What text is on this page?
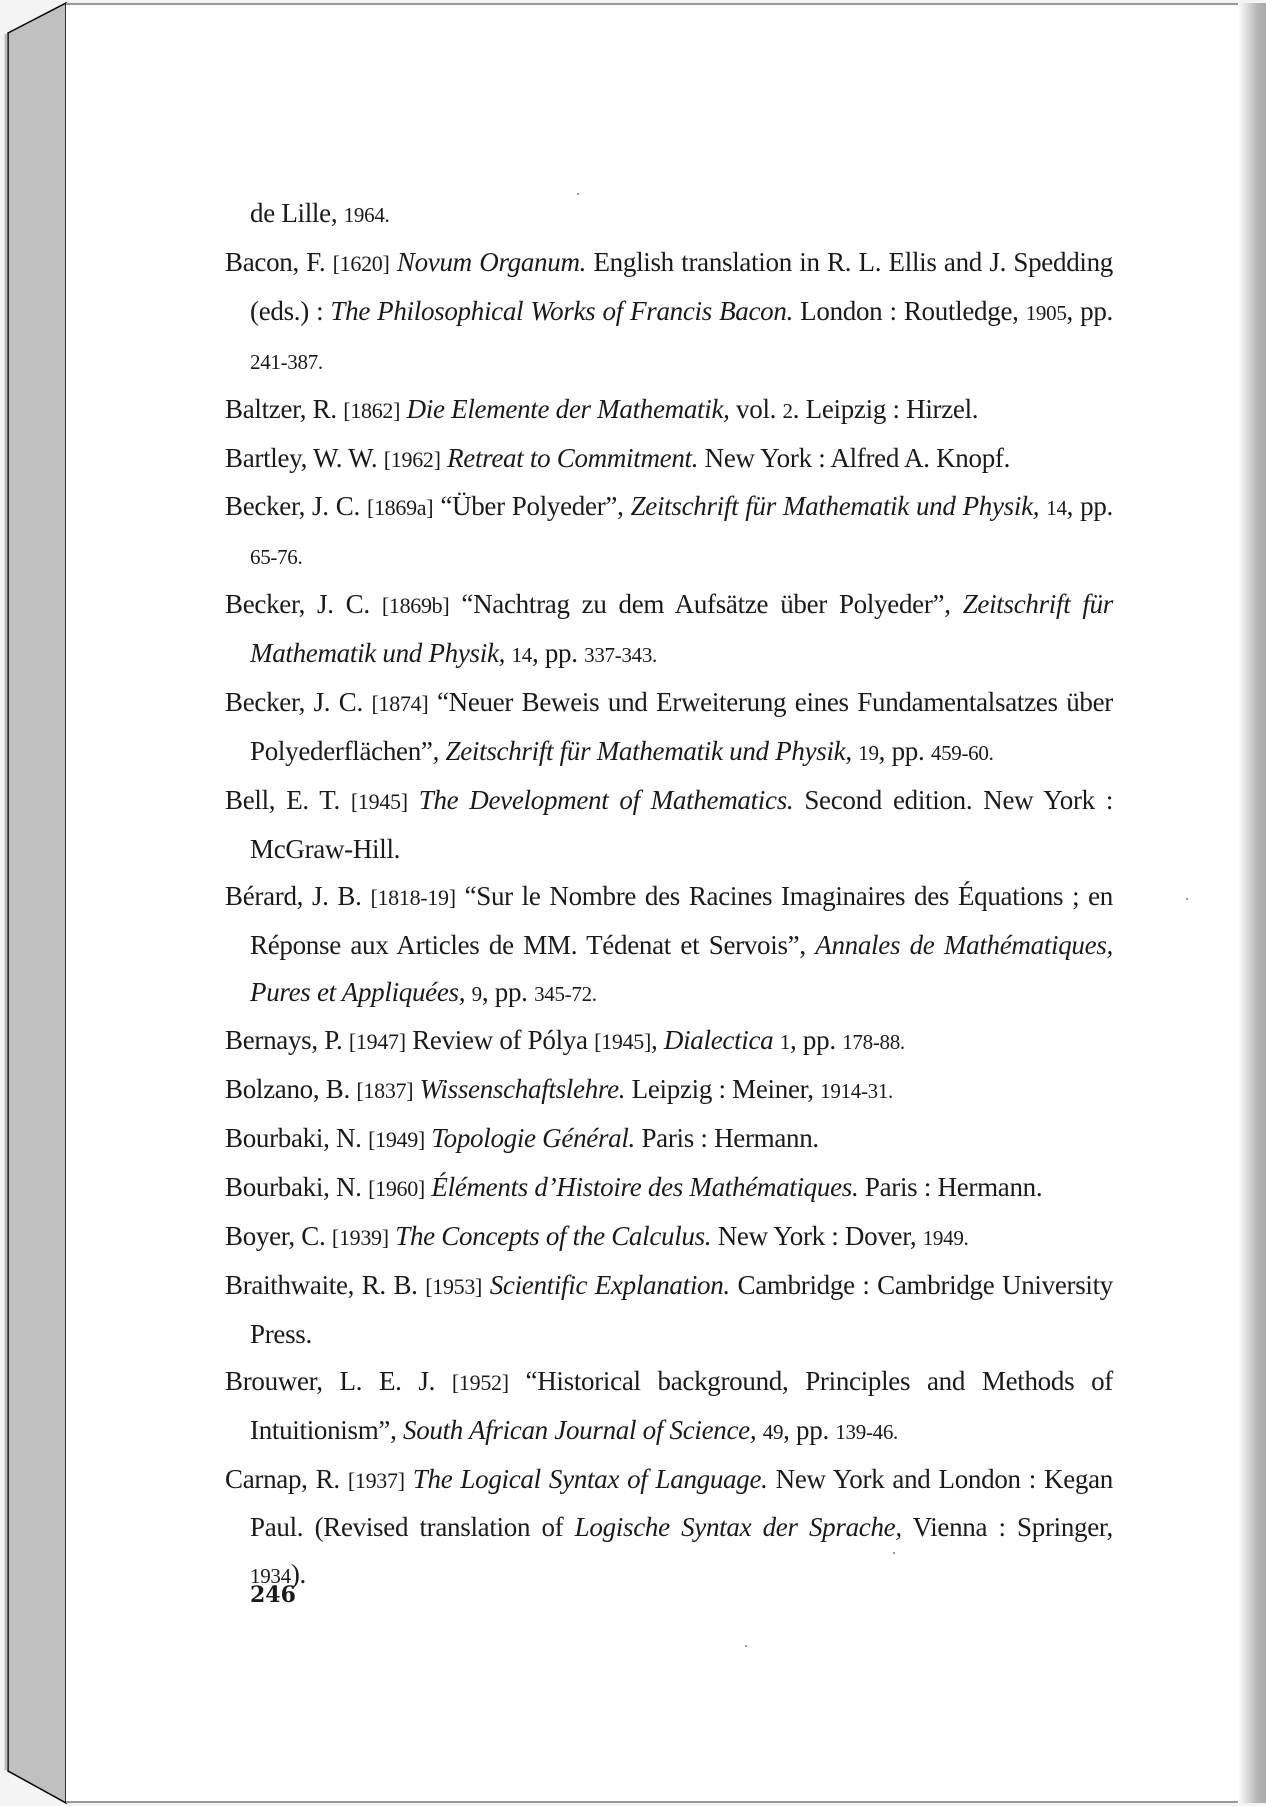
de Lille, 1964.

Bacon, F. [1620] Novum Organum. English translation in R. L. Ellis and J. Spedding (eds.) : The Philosophical Works of Francis Bacon. London : Routledge, 1905, pp. 241-387.

Baltzer, R. [1862] Die Elemente der Mathematik, vol. 2. Leipzig : Hirzel.

Bartley, W. W. [1962] Retreat to Commitment. New York : Alfred A. Knopf.

Becker, J. C. [1869a] “Über Polyeder”, Zeitschrift für Mathematik und Physik, 14, pp. 65-76.

Becker, J. C. [1869b] “Nachtrag zu dem Aufsätze über Polyeder”, Zeitschrift für Mathematik und Physik, 14, pp. 337-343.

Becker, J. C. [1874] “Neuer Beweis und Erweiterung eines Fundamentalsatzes über Polyederflächen”, Zeitschrift für Mathematik und Physik, 19, pp. 459-60.

Bell, E. T. [1945] The Development of Mathematics. Second edition. New York : McGraw-Hill.

Bérard, J. B. [1818-19] “Sur le Nombre des Racines Imaginaires des Équations ; en Réponse aux Articles de MM. Tédenat et Servois”, Annales de Mathématiques, Pures et Appliquées, 9, pp. 345-72.

Bernays, P. [1947] Review of Pólya [1945], Dialectica 1, pp. 178-88.

Bolzano, B. [1837] Wissenschaftslehre. Leipzig : Meiner, 1914-31.

Bourbaki, N. [1949] Topologie Général. Paris : Hermann.

Bourbaki, N. [1960] Éléments d’Histoire des Mathématiques. Paris : Hermann.

Boyer, C. [1939] The Concepts of the Calculus. New York : Dover, 1949.

Braithwaite, R. B. [1953] Scientific Explanation. Cambridge : Cambridge University Press.

Brouwer, L. E. J. [1952] “Historical background, Principles and Methods of Intuitionism”, South African Journal of Science, 49, pp. 139-46.

Carnap, R. [1937] The Logical Syntax of Language. New York and London : Kegan Paul. (Revised translation of Logische Syntax der Sprache, Vienna : Springer, 1934).

246
